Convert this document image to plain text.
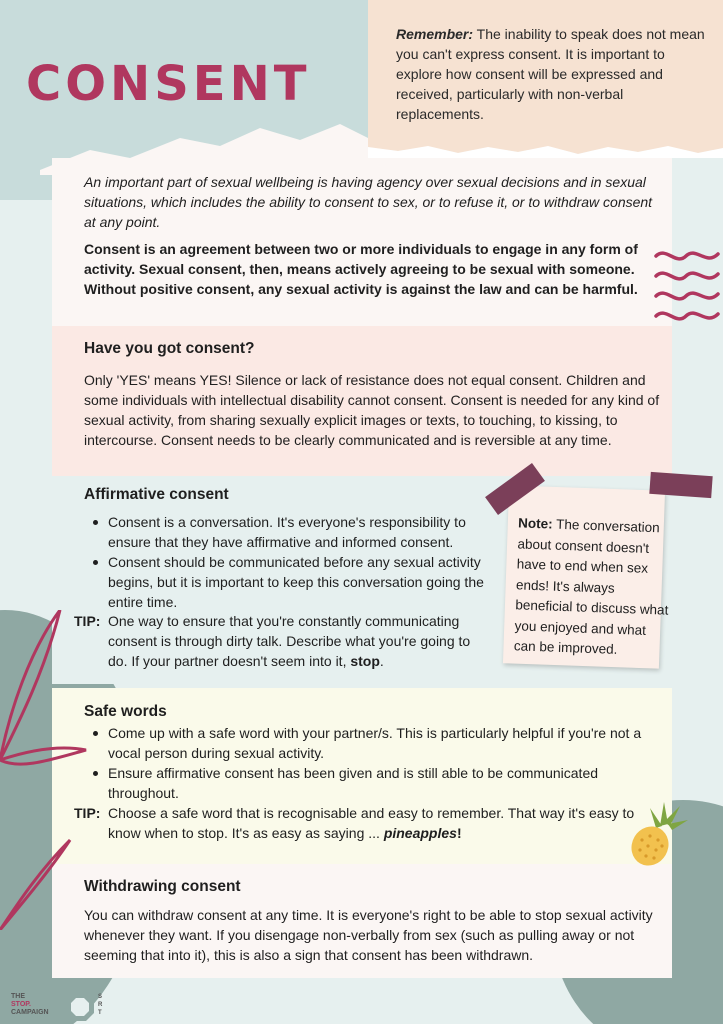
Remember: The inability to speak does not mean you can't express consent. It is important to explore how consent will be expressed and received, particularly with non-verbal replacements.

CONSENT

An important part of sexual wellbeing is having agency over sexual decisions and in sexual situations, which includes the ability to consent to sex, or to refuse it, or to withdraw consent at any point.

Consent is an agreement between two or more individuals to engage in any form of activity. Sexual consent, then, means actively agreeing to be sexual with someone. Without positive consent, any sexual activity is against the law and can be harmful.

Have you got consent?

Only 'YES' means YES! Silence or lack of resistance does not equal consent. Children and some individuals with intellectual disability cannot consent. Consent is needed for any kind of sexual activity, from sharing sexually explicit images or texts, to touching, to kissing, to intercourse. Consent needs to be clearly communicated and is reversible at any time.

Affirmative consent
Consent is a conversation. It's everyone's responsibility to ensure that they have affirmative and informed consent.
Consent should be communicated before any sexual activity begins, but it is important to keep this conversation going the entire time.

TIP: One way to ensure that you're constantly communicating consent is through dirty talk. Describe what you're going to do. If your partner doesn't seem into it, stop.

Note: The conversation about consent doesn't have to end when sex ends! It's always beneficial to discuss what you enjoyed and what can be improved.

Safe words
Come up with a safe word with your partner/s. This is particularly helpful if you're not a vocal person during sexual activity.
Ensure affirmative consent has been given and is still able to be communicated throughout.

TIP: Choose a safe word that is recognisable and easy to remember. That way it's easy to know when to stop. It's as easy as saying ... pineapples!

Withdrawing consent

You can withdraw consent at any time. It is everyone's right to be able to stop sexual activity whenever they want. If you disengage non-verbally from sex (such as pulling away or not seeming that into it), this is also a sign that consent has been withdrawn.

THE
STOP.
CAMPAIGN
S R T
